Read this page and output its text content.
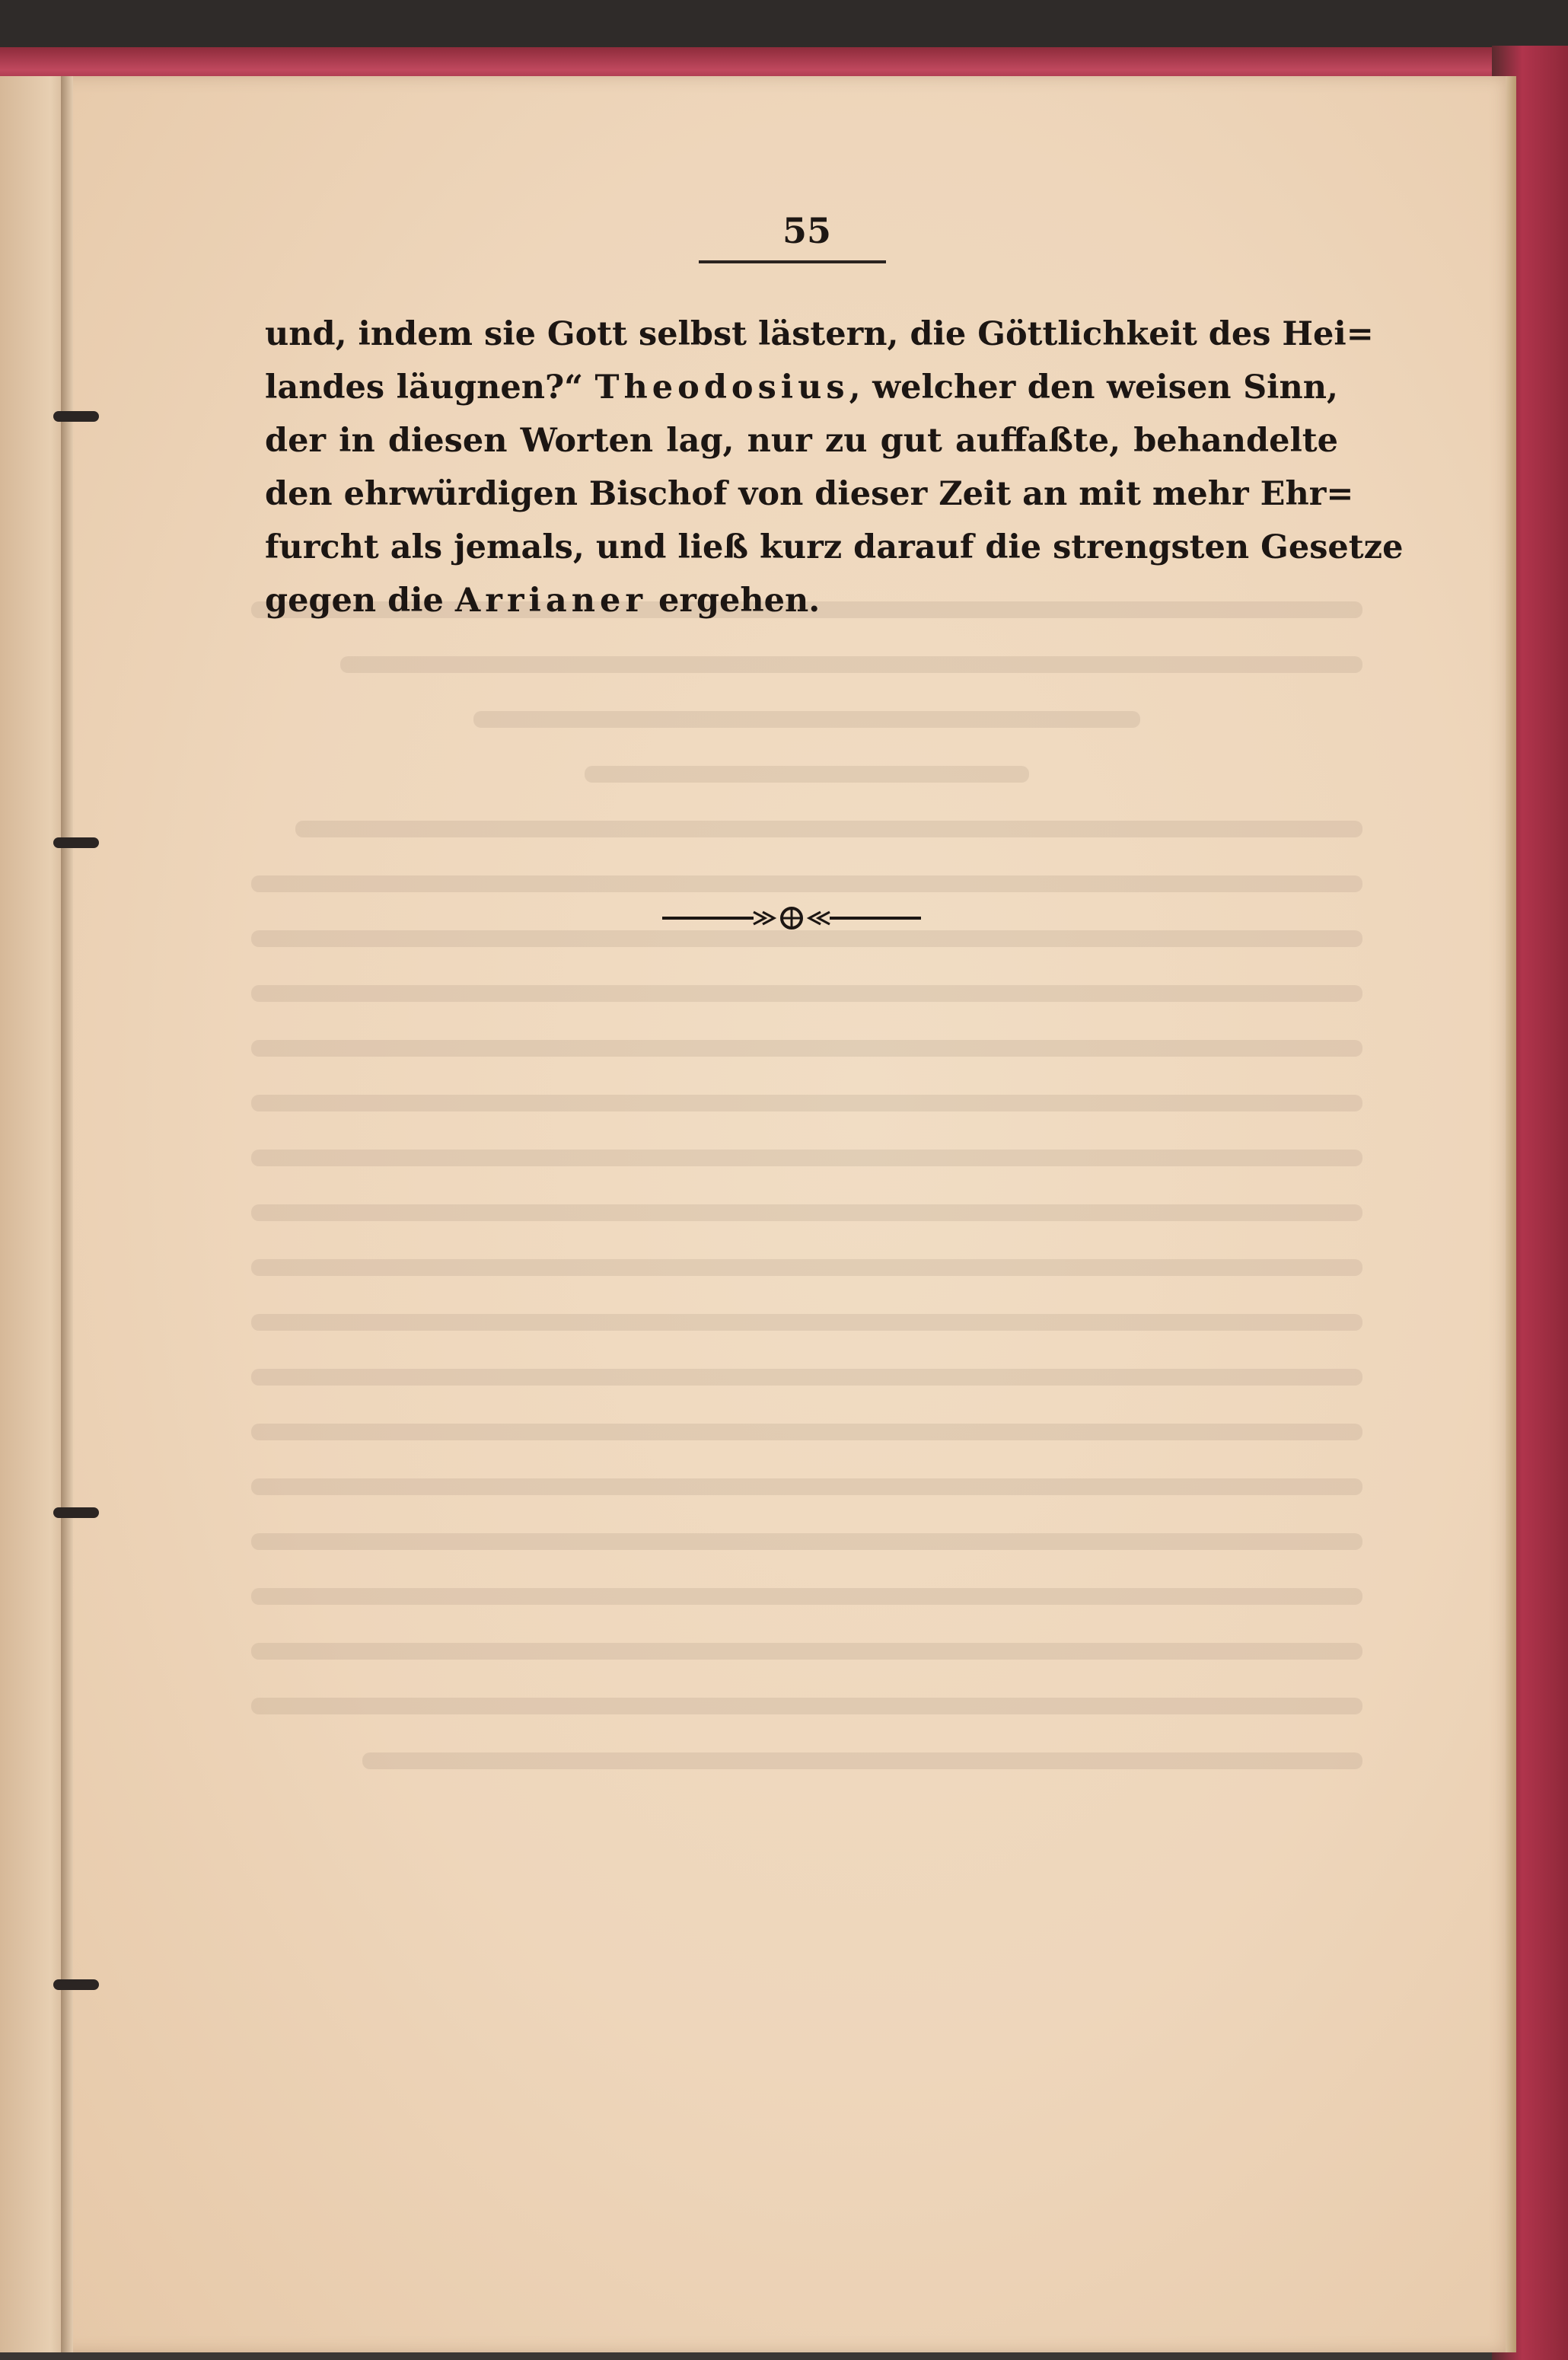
55
und, indem sie Gott selbst lästern, die Göttlichkeit des Hei=
landes läugnen?“ Theodosius, welcher den weisen Sinn,
der in diesen Worten lag, nur zu gut auffaßte, behandelte
den ehrwürdigen Bischof von dieser Zeit an mit mehr Ehr=
furcht als jemals, und ließ kurz darauf die strengsten Gesetze
gegen die Arrianer ergehen.
